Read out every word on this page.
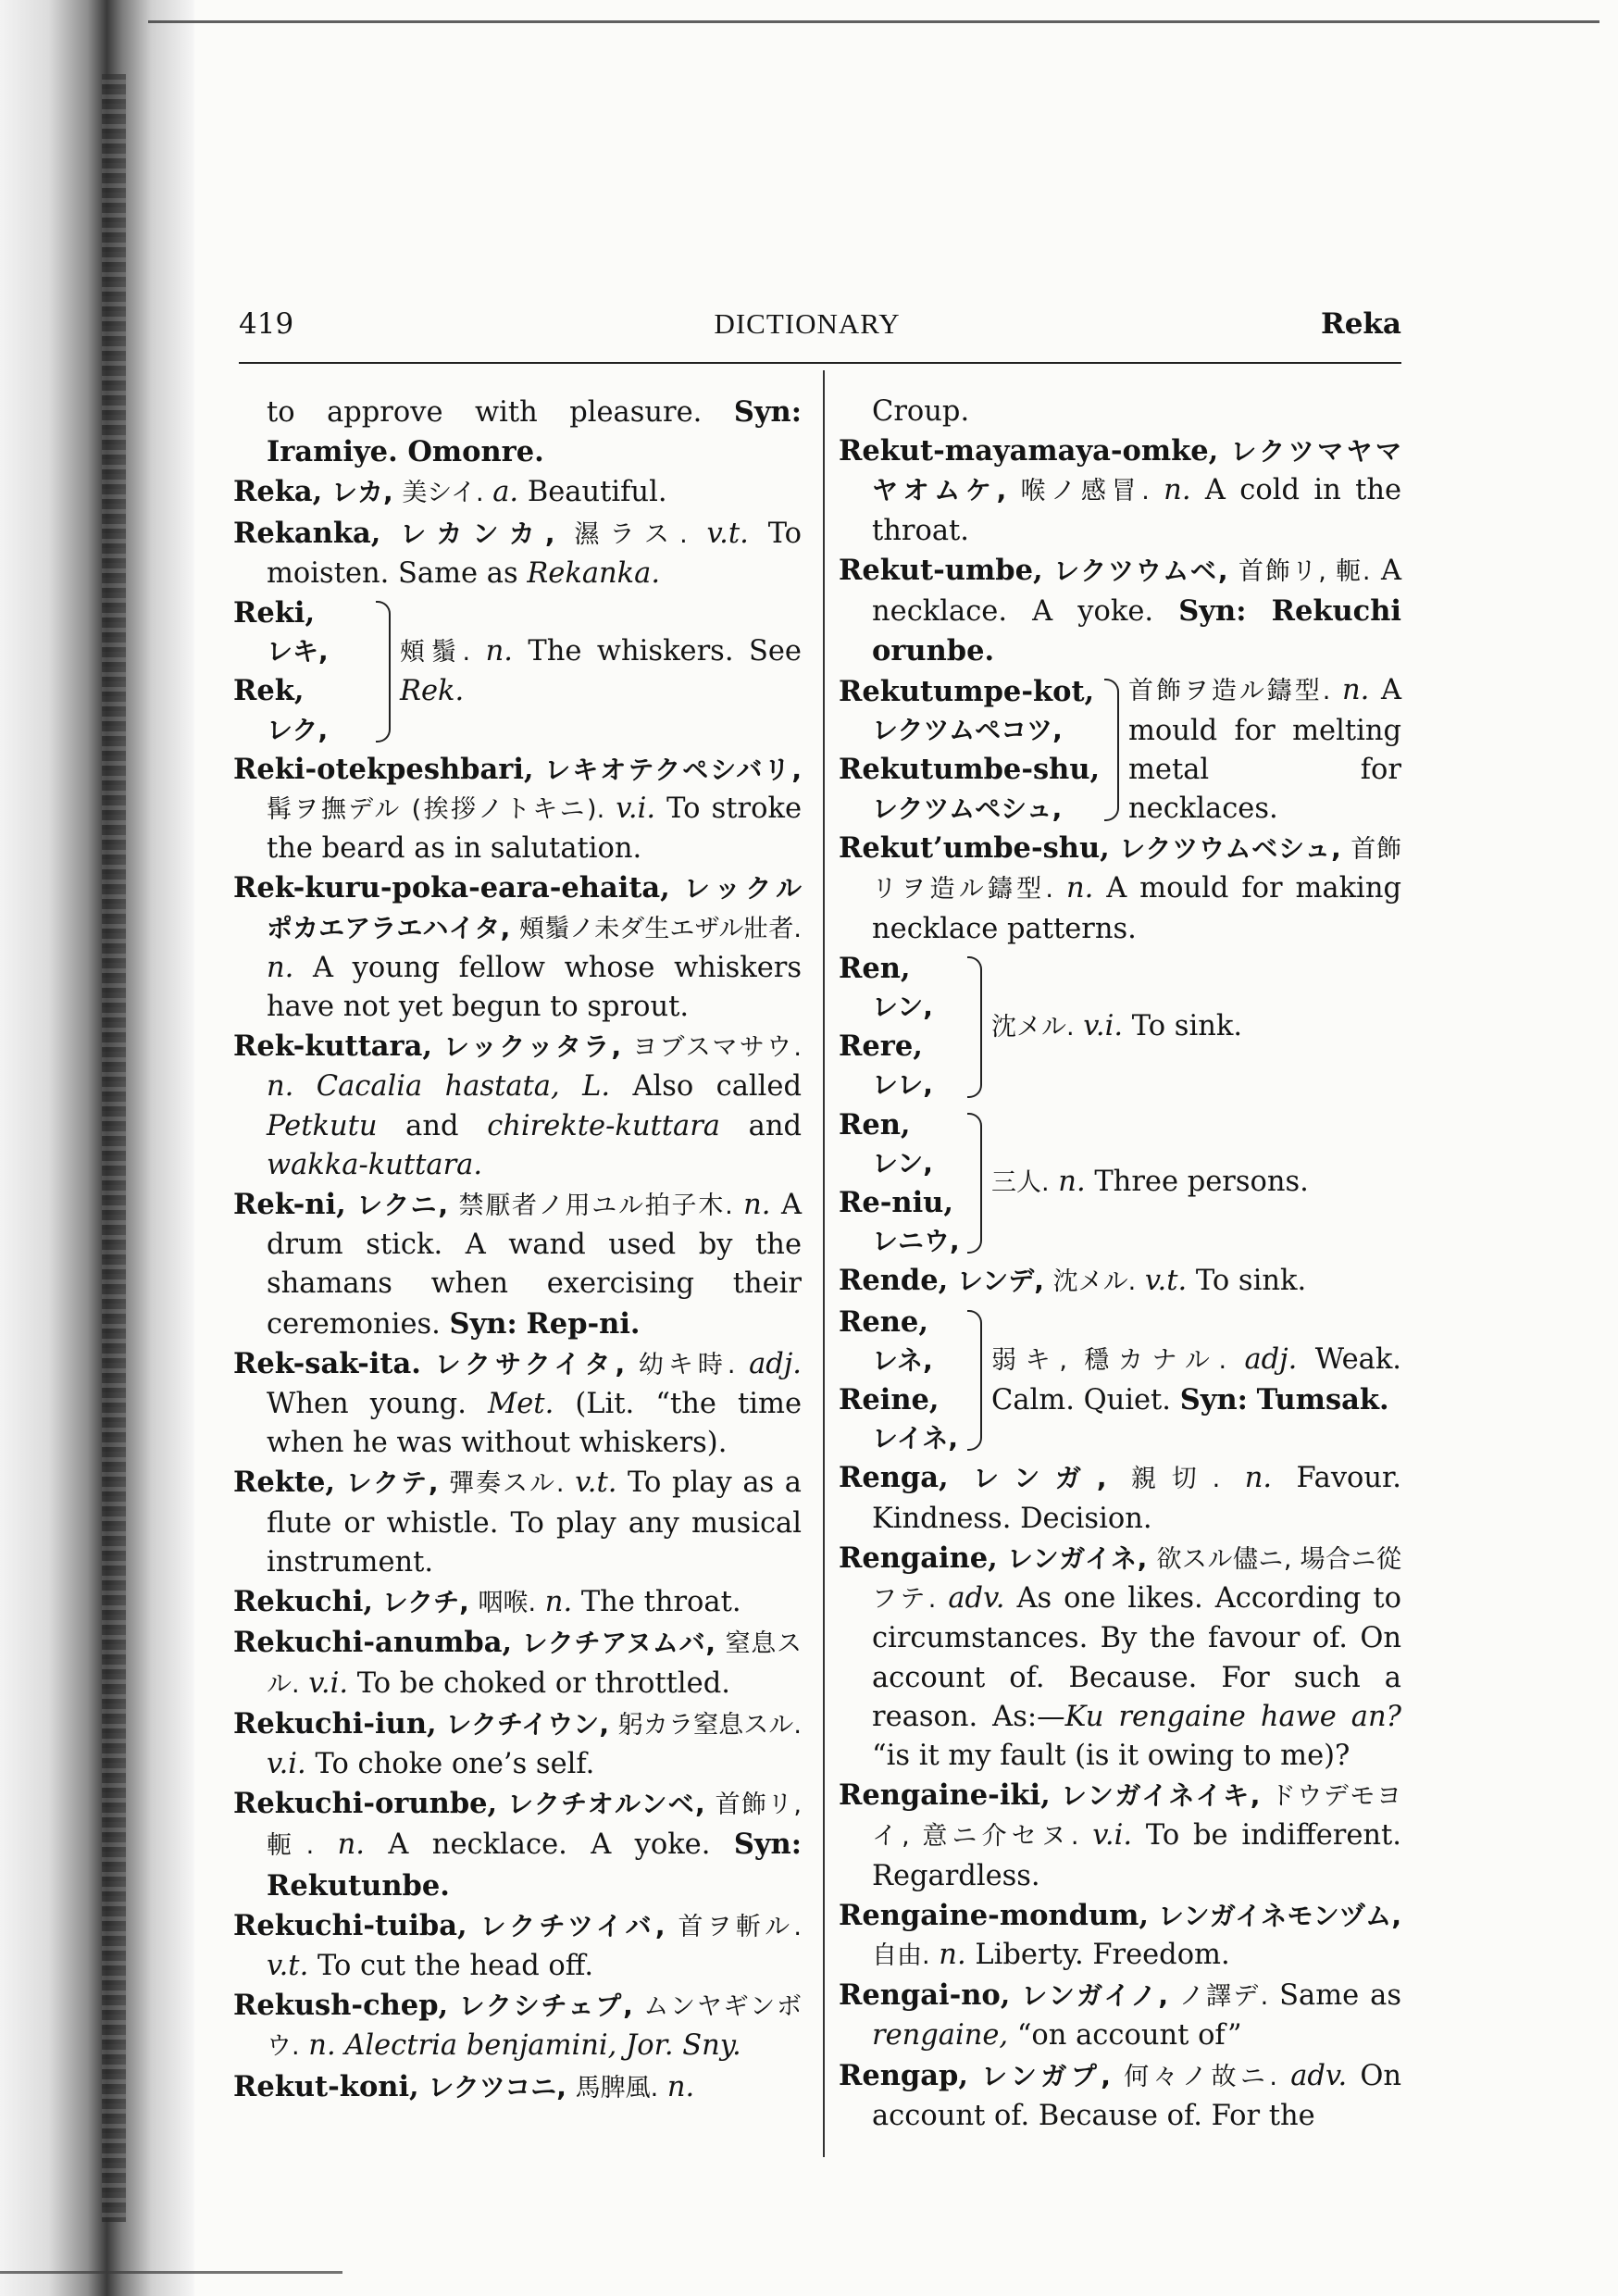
419	DICTIONARY	Reka

to approve with pleasure. Syn: Iramiye. Omonre.

Reka, レカ, 美シイ. a. Beautiful.

Rekanka, レカンカ, 濕ラス. v.t. To moisten. Same as Rekanka.

Reki,
レキ,
Rek,
レク,
頰鬚. n. The whiskers. See Rek.

Reki-otekpeshbari, レキオテクペシバリ, 髯ヲ撫デル (挨拶ノトキニ). v.i. To stroke the beard as in salutation.

Rek-kuru-poka-eara-ehaita, レックルポカエアラエハイタ, 頰鬚ノ未ダ生エザル壯者. n. A young fellow whose whiskers have not yet begun to sprout.

Rek-kuttara, レックッタラ, ヨブスマサウ. n. Cacalia hastata, L. Also called Petkutu and chirekte-kuttara and wakka-kuttara.

Rek-ni, レクニ, 禁厭者ノ用ユル拍子木. n. A drum stick. A wand used by the shamans when exercising their ceremonies. Syn: Rep-ni.

Rek-sak-ita. レクサクイタ, 幼キ時. adj. When young. Met. (Lit. “the time when he was without whiskers).

Rekte, レクテ, 彈奏スル. v.t. To play as a flute or whistle. To play any musical instrument.

Rekuchi, レクチ, 咽喉. n. The throat.

Rekuchi-anumba, レクチアヌムバ, 窒息スル. v.i. To be choked or throttled.

Rekuchi-iun, レクチイウン, 躬カラ窒息スル. v.i. To choke one’s self.

Rekuchi-orunbe, レクチオルンベ, 首飾リ, 軛. n. A necklace. A yoke. Syn: Rekutunbe.

Rekuchi-tuiba, レクチツイバ, 首ヲ斬ル. v.t. To cut the head off.

Rekush-chep, レクシチェプ, ムンヤギンボウ. n. Alectria benjamini, Jor. Sny.

Rekut-koni, レクツコニ, 馬脾風. n.

Croup.

Rekut-mayamaya-omke, レクツマヤマヤオムケ, 喉ノ感冒. n. A cold in the throat.

Rekut-umbe, レクツウムベ, 首飾リ, 軛. A necklace. A yoke. Syn: Rekuchi orunbe.

Rekutumpe-kot,
レクツムペコツ,
Rekutumbe-shu,
レクツムペシュ,
首飾ヲ造ル鑄型. n. A mould for melting metal for necklaces.

Rekut’umbe-shu, レクツウムベシュ, 首飾リヲ造ル鑄型. n. A mould for making necklace patterns.

Ren,
レン,
Rere,
レレ,
沈メル. v.i. To sink.
Ren,
レン,
Re-niu,
レニウ,
三人. n. Three persons.

Rende, レンデ, 沈メル. v.t. To sink.

Rene,
レネ,
Reine,
レイネ,
弱キ, 穩カナル. adj. Weak. Calm. Quiet. Syn: Tumsak.

Renga, レンガ, 親切. n. Favour. Kindness. Decision.

Rengaine, レンガイネ, 欲スル儘ニ, 場合ニ從フテ. adv. As one likes. According to circumstances. By the favour of. On account of. Because. For such a reason. As:—Ku rengaine hawe an? “is it my fault (is it owing to me)?

Rengaine-iki, レンガイネイキ, ドウデモヨイ, 意ニ介セヌ. v.i. To be indifferent. Regardless.

Rengaine-mondum, レンガイネモンヅム, 自由. n. Liberty. Freedom.

Rengai-no, レンガイノ, ノ譯デ. Same as rengaine, “on account of”

Rengap, レンガプ, 何々ノ故ニ. adv. On account of. Because of. For the
